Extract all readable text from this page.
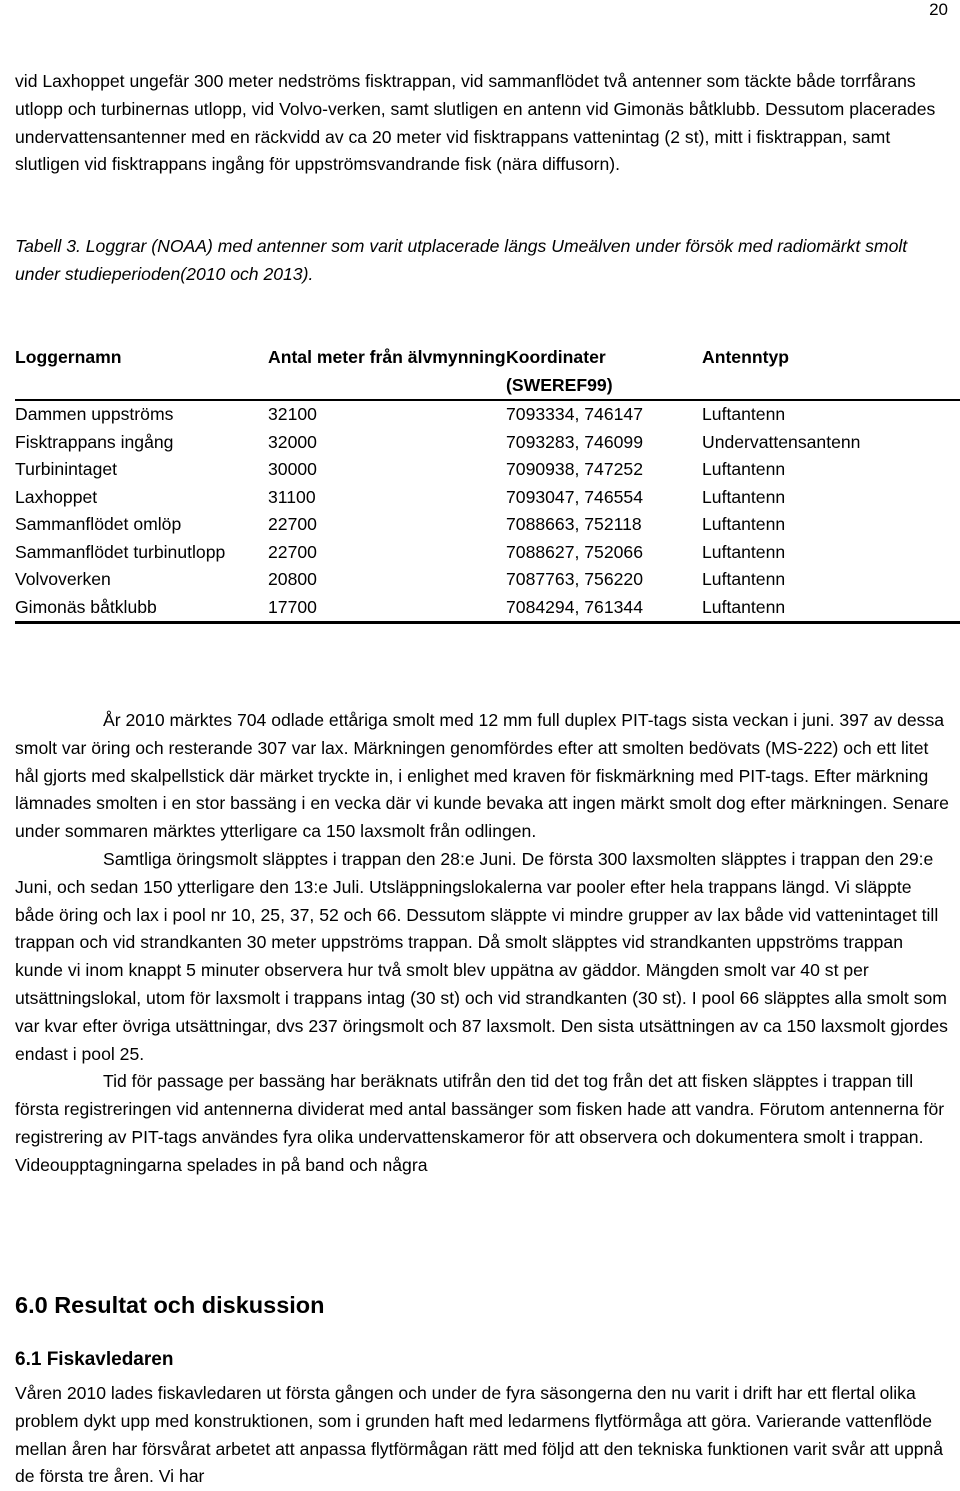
20

vid Laxhoppet ungefär 300 meter nedströms fisktrappan, vid sammanflödet två antenner som täckte både torrfårans utlopp och turbinernas utlopp, vid Volvo-verken, samt slutligen en antenn vid Gimonäs båtklubb. Dessutom placerades undervattensantenner med en räckvidd av ca 20 meter vid fisktrappans vattenintag (2 st), mitt i fisktrappan, samt slutligen vid fisktrappans ingång för uppströmsvandrande fisk (nära diffusorn).

Tabell 3. Loggrar (NOAA) med antenner som varit utplacerade längs Umeälven under försök med radiomärkt smolt under studieperioden(2010 och 2013).

Loggernamn	Antal meter från älvmynning	Koordinater (SWEREF99)	Antenntyp
Dammen uppströms	32100	7093334, 746147	Luftantenn
Fisktrappans ingång	32000	7093283, 746099	Undervattensantenn
Turbinintaget	30000	7090938, 747252	Luftantenn
Laxhoppet	31100	7093047, 746554	Luftantenn
Sammanflödet omlöp	22700	7088663, 752118	Luftantenn
Sammanflödet turbinutlopp	22700	7088627, 752066	Luftantenn
Volvoverken	20800	7087763, 756220	Luftantenn
Gimonäs båtklubb	17700	7084294, 761344	Luftantenn

År 2010 märktes 704 odlade ettåriga smolt med 12 mm full duplex PIT-tags sista veckan i juni. 397 av dessa smolt var öring och resterande 307 var lax. Märkningen genomfördes efter att smolten bedövats (MS-222) och ett litet hål gjorts med skalpellstick där märket tryckte in, i enlighet med kraven för fiskmärkning med PIT-tags. Efter märkning lämnades smolten i en stor bassäng i en vecka där vi kunde bevaka att ingen märkt smolt dog efter märkningen. Senare under sommaren märktes ytterligare ca 150 laxsmolt från odlingen.

Samtliga öringsmolt släpptes i trappan den 28:e Juni. De första 300 laxsmolten släpptes i trappan den 29:e Juni, och sedan 150 ytterligare den 13:e Juli. Utsläppningslokalerna var pooler efter hela trappans längd. Vi släppte både öring och lax i pool nr 10, 25, 37, 52 och 66. Dessutom släppte vi mindre grupper av lax både vid vattenintaget till trappan och vid strandkanten 30 meter uppströms trappan. Då smolt släpptes vid strandkanten uppströms trappan kunde vi inom knappt 5 minuter observera hur två smolt blev uppätna av gäddor. Mängden smolt var 40 st per utsättningslokal, utom för laxsmolt i trappans intag (30 st) och vid strandkanten (30 st). I pool 66 släpptes alla smolt som var kvar efter övriga utsättningar, dvs 237 öringsmolt och 87 laxsmolt. Den sista utsättningen av ca 150 laxsmolt gjordes endast i pool 25.

Tid för passage per bassäng har beräknats utifrån den tid det tog från det att fisken släpptes i trappan till första registreringen vid antennerna dividerat med antal bassänger som fisken hade att vandra. Förutom antennerna för registrering av PIT-tags användes fyra olika undervattenskameror för att observera och dokumentera smolt i trappan. Videoupptagningarna spelades in på band och några

6.0 Resultat och diskussion
6.1 Fiskavledaren

Våren 2010 lades fiskavledaren ut första gången och under de fyra säsongerna den nu varit i drift har ett flertal olika problem dykt upp med konstruktionen, som i grunden haft med ledarmens flytförmåga att göra. Varierande vattenflöde mellan åren har försvårat arbetet att anpassa flytförmågan rätt med följd att den tekniska funktionen varit svår att uppnå de första tre åren. Vi har
